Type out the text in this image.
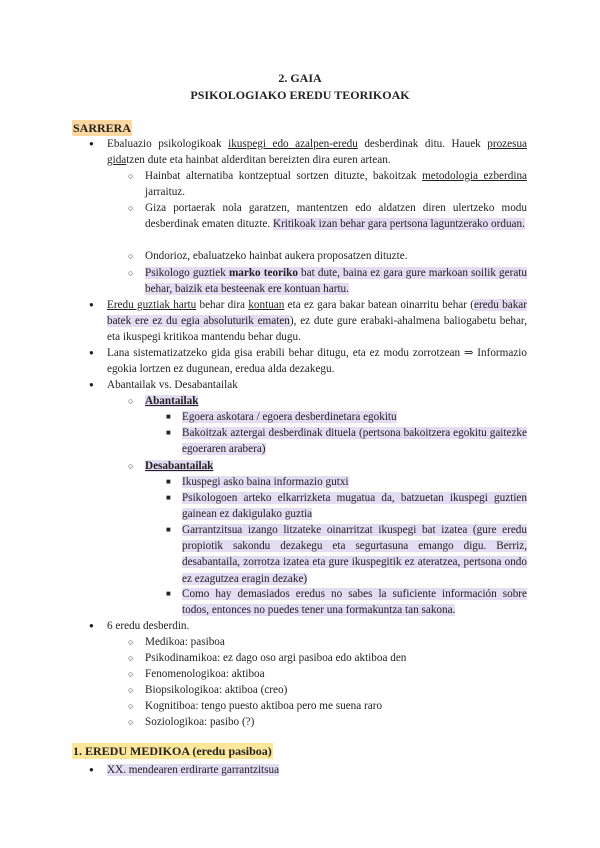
2. GAIA
PSIKOLOGIAKO EREDU TEORIKOAK
SARRERA
● Ebaluazio psikologikoak ikuspegi edo azalpen-eredu desberdinak ditu. Hauek prozesua gidatzen dute eta hainbat alderditan bereizten dira euren artean.
○ Hainbat alternatiba kontzeptual sortzen dituzte, bakoitzak metodologia ezberdina jarraituz.
○ Giza portaerak nola garatzen, mantentzen edo aldatzen diren ulertzeko modu desberdinak ematen dituzte. Kritikoak izan behar gara pertsona laguntzerako orduan.
○ Ondorioz, ebaluatzeko hainbat aukera proposatzen dituzte.
○ Psikologo guztiek marko teoriko bat dute, baina ez gara gure markoan soilik geratu behar, baizik eta besteenak ere kontuan hartu.
● Eredu guztiak hartu behar dira kontuan eta ez gara bakar batean oinarritu behar (eredu bakar batek ere ez du egia absoluturik ematen), ez dute gure erabaki-ahalmena baliogabetu behar, eta ikuspegi kritikoa mantendu behar dugu.
● Lana sistematizatzeko gida gisa erabili behar ditugu, eta ez modu zorrotzean ⇒ Informazio egokia lortzen ez dugunean, eredua alda dezakegu.
● Abantailak vs. Desabantailak
○ Abantailak
■ Egoera askotara / egoera desberdinetara egokitu
■ Bakoitzak aztergai desberdinak dituela (pertsona bakoitzera egokitu gaitezke egoeraren arabera)
○ Desabantailak
■ Ikuspegi asko baina informazio gutxi
■ Psikologoen arteko elkarrizketa mugatua da, batzuetan ikuspegi guztien gainean ez dakigulako guztia
■ Garrantzitsua izango litzateke oinarritzat ikuspegi bat izatea (gure eredu propiotik sakondu dezakegu eta segurtasuna emango digu. Berriz, desabantaila, zorrotza izatea eta gure ikuspegitik ez ateratzea, pertsona ondo ez ezagutzea eragin dezake)
■ Como hay demasiados eredus no sabes la suficiente información sobre todos, entonces no puedes tener una formakuntza tan sakona.
● 6 eredu desberdin.
○ Medikoa: pasiboa
○ Psikodinamikoa: ez dago oso argi pasiboa edo aktiboa den
○ Fenomenologikoa: aktiboa
○ Biopsikologikoa: aktiboa (creo)
○ Kognitiboa: tengo puesto aktiboa pero me suena raro
○ Soziologikoa: pasibo (?)
1. EREDU MEDIKOA (eredu pasiboa)
● XX. mendearen erdirarte garrantzitsua
